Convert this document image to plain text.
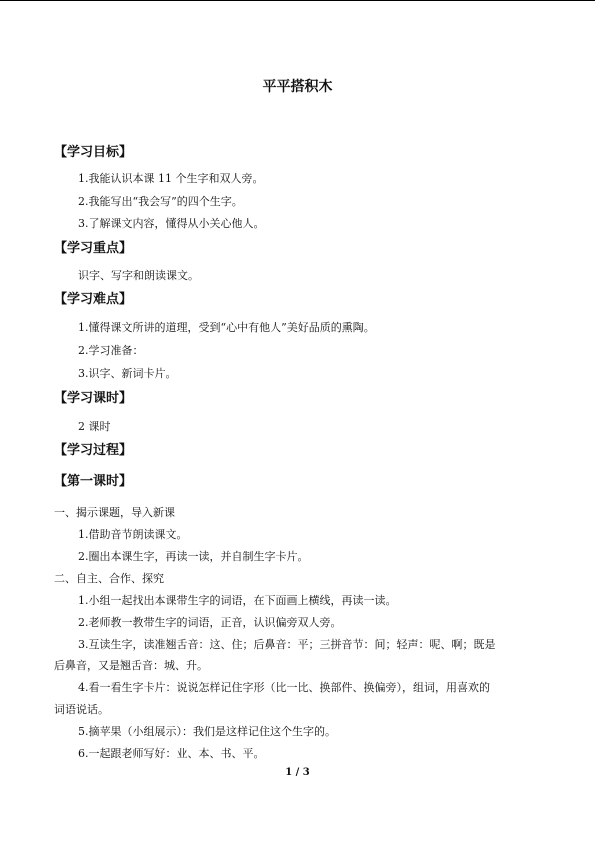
平平搭积木
【学习目标】
1.我能认识本课 11 个生字和双人旁。
2.我能写出“我会写”的四个生字。
3.了解课文内容，懂得从小关心他人。
【学习重点】
识字、写字和朗读课文。
【学习难点】
1.懂得课文所讲的道理，受到“心中有他人”美好品质的熏陶。
2.学习准备：
3.识字、新词卡片。
【学习课时】
2 课时
【学习过程】
【第一课时】
一、揭示课题，导入新课
1.借助音节朗读课文。
2.圈出本课生字，再读一读，并自制生字卡片。
二、自主、合作、探究
1.小组一起找出本课带生字的词语，在下面画上横线，再读一读。
2.老师教一教带生字的词语，正音，认识偏旁双人旁。
3.互读生字，读准翘舌音：这、住；后鼻音：平；三拼音节：间；轻声：呢、啊；既是
后鼻音，又是翘舌音：城、升。
4.看一看生字卡片：说说怎样记住字形（比一比、换部件、换偏旁），组词，用喜欢的
词语说话。
5.摘苹果（小组展示）：我们是这样记住这个生字的。
6.一起跟老师写好：业、本、书、平。
1 / 3
